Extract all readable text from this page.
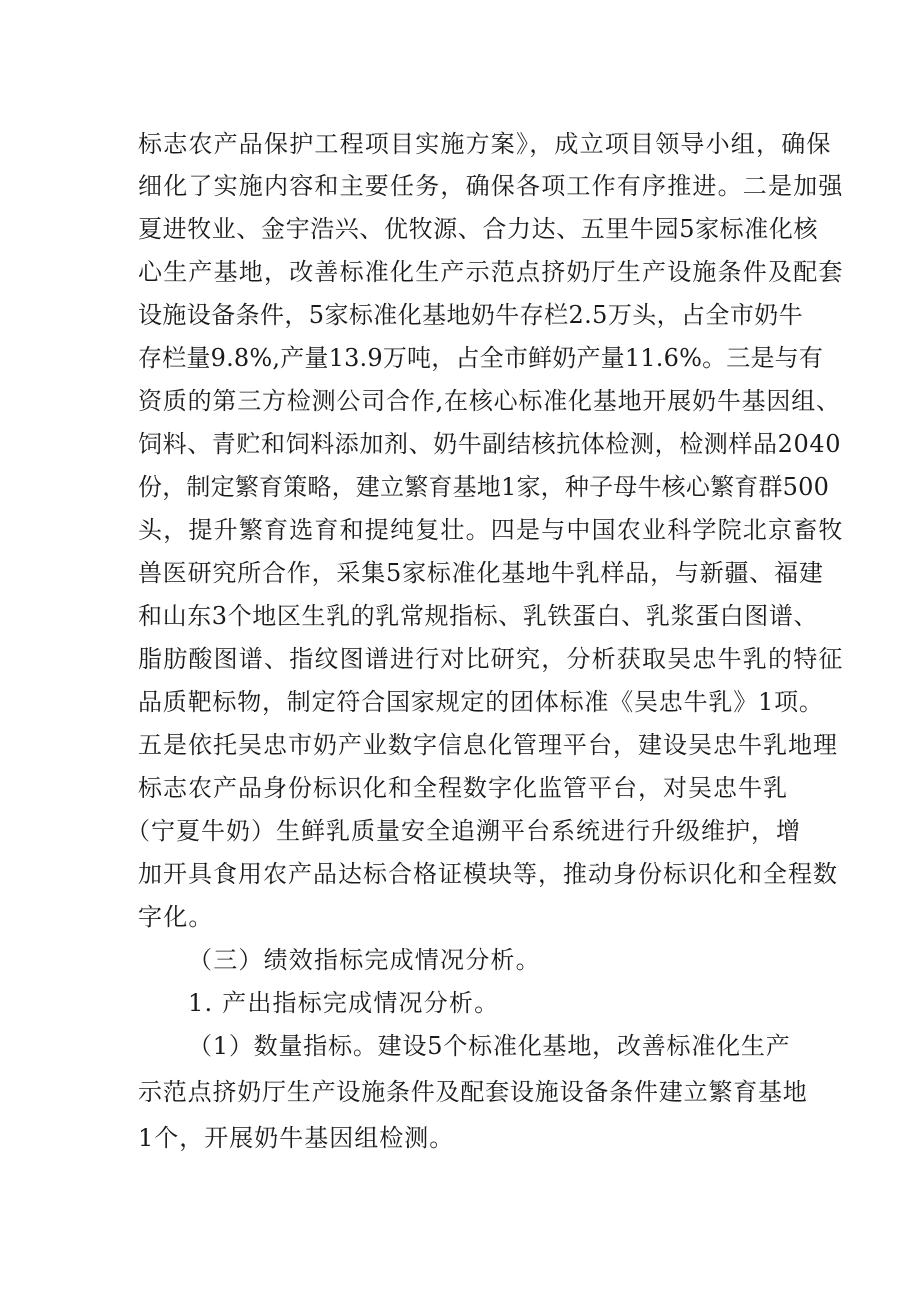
标志农产品保护工程项目实施方案》，成立项目领导小组，确保
细化了实施内容和主要任务，确保各项工作有序推进。二是加强
夏进牧业、金宇浩兴、优牧源、合力达、五里牛园5家标准化核
心生产基地，改善标准化生产示范点挤奶厅生产设施条件及配套
设施设备条件，5家标准化基地奶牛存栏2.5万头，占全市奶牛
存栏量9.8%,产量13.9万吨，占全市鲜奶产量11.6%。三是与有
资质的第三方检测公司合作,在核心标准化基地开展奶牛基因组、
饲料、青贮和饲料添加剂、奶牛副结核抗体检测，检测样品2040
份，制定繁育策略，建立繁育基地1家，种子母牛核心繁育群500
头，提升繁育选育和提纯复壮。四是与中国农业科学院北京畜牧
兽医研究所合作，采集5家标准化基地牛乳样品，与新疆、福建
和山东3个地区生乳的乳常规指标、乳铁蛋白、乳浆蛋白图谱、
脂肪酸图谱、指纹图谱进行对比研究，分析获取吴忠牛乳的特征
品质靶标物，制定符合国家规定的团体标准《吴忠牛乳》1项。
五是依托吴忠市奶产业数字信息化管理平台，建设吴忠牛乳地理
标志农产品身份标识化和全程数字化监管平台，对吴忠牛乳
（宁夏牛奶）生鲜乳质量安全追溯平台系统进行升级维护，增
加开具食用农产品达标合格证模块等，推动身份标识化和全程数
字化。
（三）绩效指标完成情况分析。
1. 产出指标完成情况分析。
（1）数量指标。建设5个标准化基地，改善标准化生产
示范点挤奶厅生产设施条件及配套设施设备条件建立繁育基地
1个，开展奶牛基因组检测。
